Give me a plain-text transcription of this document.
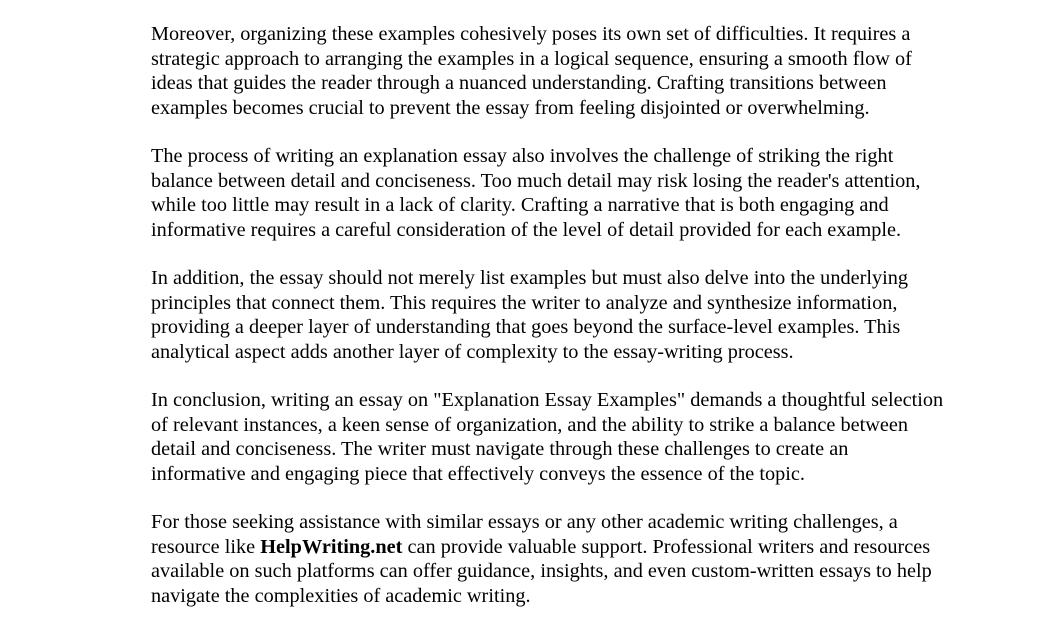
Moreover, organizing these examples cohesively poses its own set of difficulties. It requires a
strategic approach to arranging the examples in a logical sequence, ensuring a smooth flow of
ideas that guides the reader through a nuanced understanding. Crafting transitions between
examples becomes crucial to prevent the essay from feeling disjointed or overwhelming.

The process of writing an explanation essay also involves the challenge of striking the right
balance between detail and conciseness. Too much detail may risk losing the reader's attention,
while too little may result in a lack of clarity. Crafting a narrative that is both engaging and
informative requires a careful consideration of the level of detail provided for each example.

In addition, the essay should not merely list examples but must also delve into the underlying
principles that connect them. This requires the writer to analyze and synthesize information,
providing a deeper layer of understanding that goes beyond the surface-level examples. This
analytical aspect adds another layer of complexity to the essay-writing process.

In conclusion, writing an essay on "Explanation Essay Examples" demands a thoughtful selection
of relevant instances, a keen sense of organization, and the ability to strike a balance between
detail and conciseness. The writer must navigate through these challenges to create an
informative and engaging piece that effectively conveys the essence of the topic.

For those seeking assistance with similar essays or any other academic writing challenges, a
resource like HelpWriting.net can provide valuable support. Professional writers and resources
available on such platforms can offer guidance, insights, and even custom-written essays to help
navigate the complexities of academic writing.
